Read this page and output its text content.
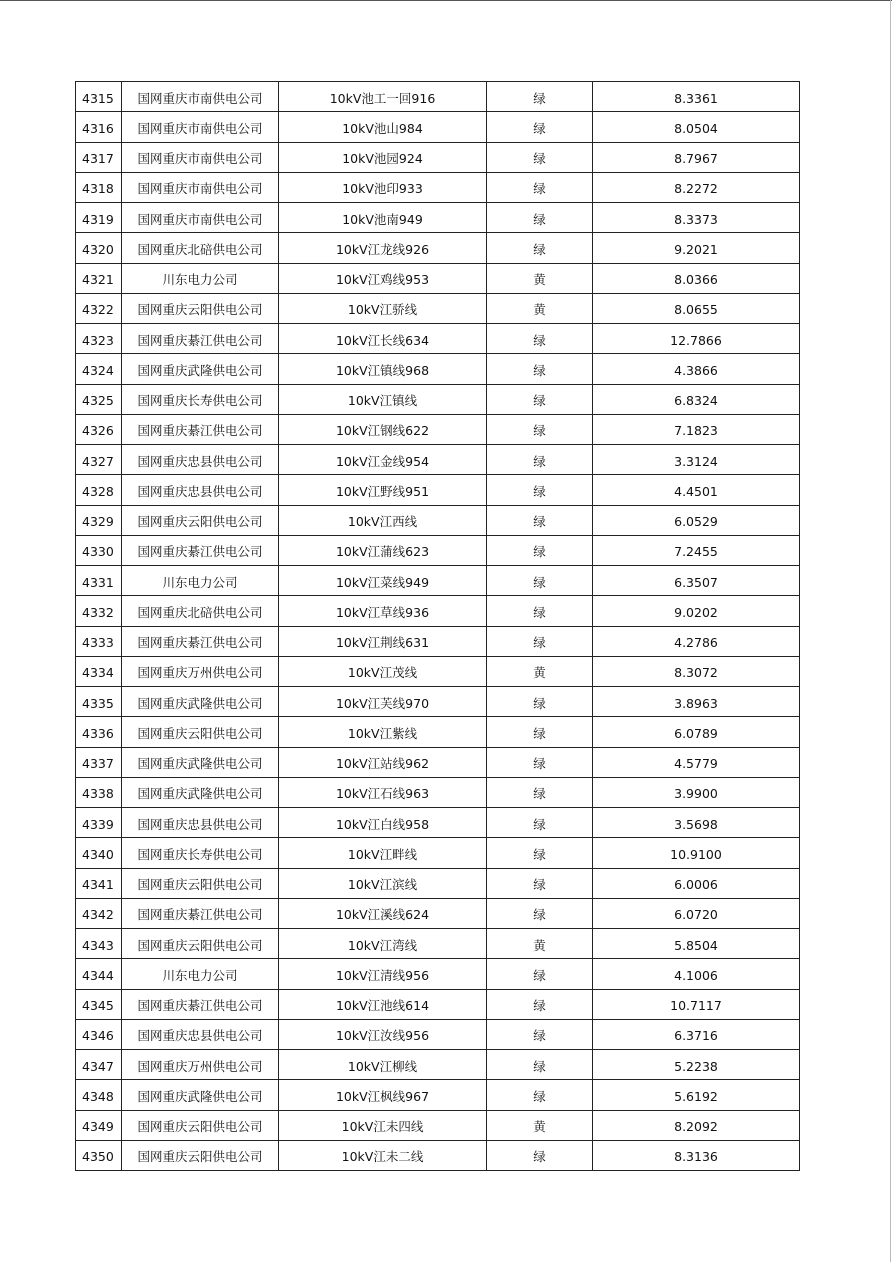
4315	国网重庆市南供电公司	10kV池工一回916	绿	8.3361
4316	国网重庆市南供电公司	10kV池山984	绿	8.0504
4317	国网重庆市南供电公司	10kV池园924	绿	8.7967
4318	国网重庆市南供电公司	10kV池印933	绿	8.2272
4319	国网重庆市南供电公司	10kV池南949	绿	8.3373
4320	国网重庆北碚供电公司	10kV江龙线926	绿	9.2021
4321	川东电力公司	10kV江鸡线953	黄	8.0366
4322	国网重庆云阳供电公司	10kV江骄线	黄	8.0655
4323	国网重庆綦江供电公司	10kV江长线634	绿	12.7866
4324	国网重庆武隆供电公司	10kV江镇线968	绿	4.3866
4325	国网重庆长寿供电公司	10kV江镇线	绿	6.8324
4326	国网重庆綦江供电公司	10kV江钢线622	绿	7.1823
4327	国网重庆忠县供电公司	10kV江金线954	绿	3.3124
4328	国网重庆忠县供电公司	10kV江野线951	绿	4.4501
4329	国网重庆云阳供电公司	10kV江西线	绿	6.0529
4330	国网重庆綦江供电公司	10kV江蒲线623	绿	7.2455
4331	川东电力公司	10kV江菜线949	绿	6.3507
4332	国网重庆北碚供电公司	10kV江草线936	绿	9.0202
4333	国网重庆綦江供电公司	10kV江荆线631	绿	4.2786
4334	国网重庆万州供电公司	10kV江茂线	黄	8.3072
4335	国网重庆武隆供电公司	10kV江芙线970	绿	3.8963
4336	国网重庆云阳供电公司	10kV江紫线	绿	6.0789
4337	国网重庆武隆供电公司	10kV江站线962	绿	4.5779
4338	国网重庆武隆供电公司	10kV江石线963	绿	3.9900
4339	国网重庆忠县供电公司	10kV江白线958	绿	3.5698
4340	国网重庆长寿供电公司	10kV江畔线	绿	10.9100
4341	国网重庆云阳供电公司	10kV江滨线	绿	6.0006
4342	国网重庆綦江供电公司	10kV江溪线624	绿	6.0720
4343	国网重庆云阳供电公司	10kV江湾线	黄	5.8504
4344	川东电力公司	10kV江清线956	绿	4.1006
4345	国网重庆綦江供电公司	10kV江池线614	绿	10.7117
4346	国网重庆忠县供电公司	10kV江汝线956	绿	6.3716
4347	国网重庆万州供电公司	10kV江柳线	绿	5.2238
4348	国网重庆武隆供电公司	10kV江枫线967	绿	5.6192
4349	国网重庆云阳供电公司	10kV江未四线	黄	8.2092
4350	国网重庆云阳供电公司	10kV江未二线	绿	8.3136
